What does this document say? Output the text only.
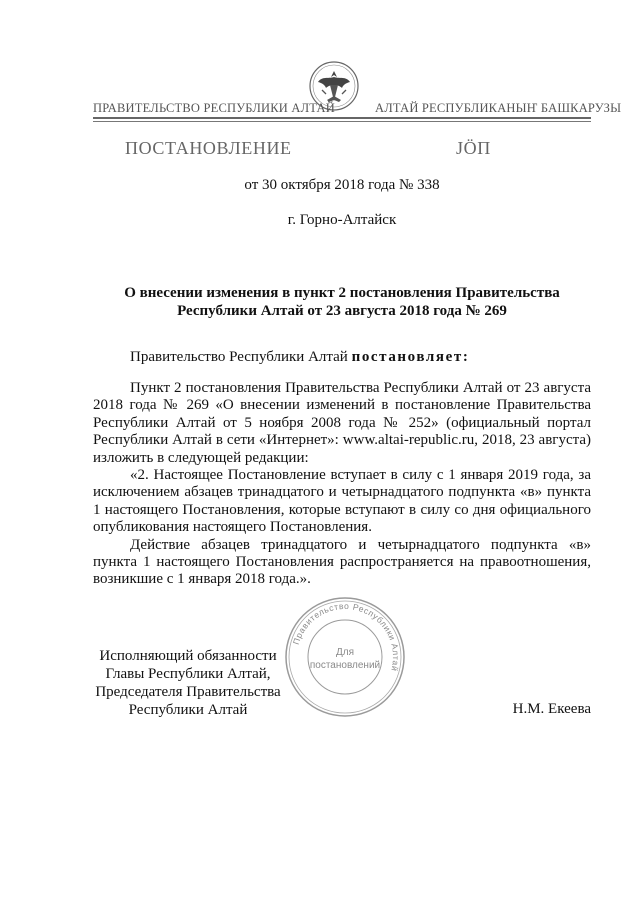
ПРАВИТЕЛЬСТВО РЕСПУБЛИКИ АЛТАЙ	АЛТАЙ РЕСПУБЛИКАНЫҤ БАШКАРУЗЫ
ПОСТАНОВЛЕНИЕ	ЈӦП
от 30 октября 2018 года № 338
г. Горно-Алтайск
О внесении изменения в пункт 2 постановления Правительства
Республики Алтай от 23 августа 2018 года № 269
Правительство Республики Алтай постановляет:

Пункт 2 постановления Правительства Республики Алтай от 23 августа 2018 года № 269 «О внесении изменений в постановление Правительства Республики Алтай от 5 ноября 2008 года № 252» (официальный портал Республики Алтай в сети «Интернет»: www.altai-republic.ru, 2018, 23 августа) изложить в следующей редакции:

«2. Настоящее Постановление вступает в силу с 1 января 2019 года, за исключением абзацев тринадцатого и четырнадцатого подпункта «в» пункта 1 настоящего Постановления, которые вступают в силу со дня официального опубликования настоящего Постановления.

Действие абзацев тринадцатого и четырнадцатого подпункта «в» пункта 1 настоящего Постановления распространяется на правоотношения, возникшие с 1 января 2018 года.».

Правительство Республики Алтай
Для
постановлений
Исполняющий обязанности
Главы Республики Алтай,
Председателя Правительства
Республики Алтай	Н.М. Екеева
